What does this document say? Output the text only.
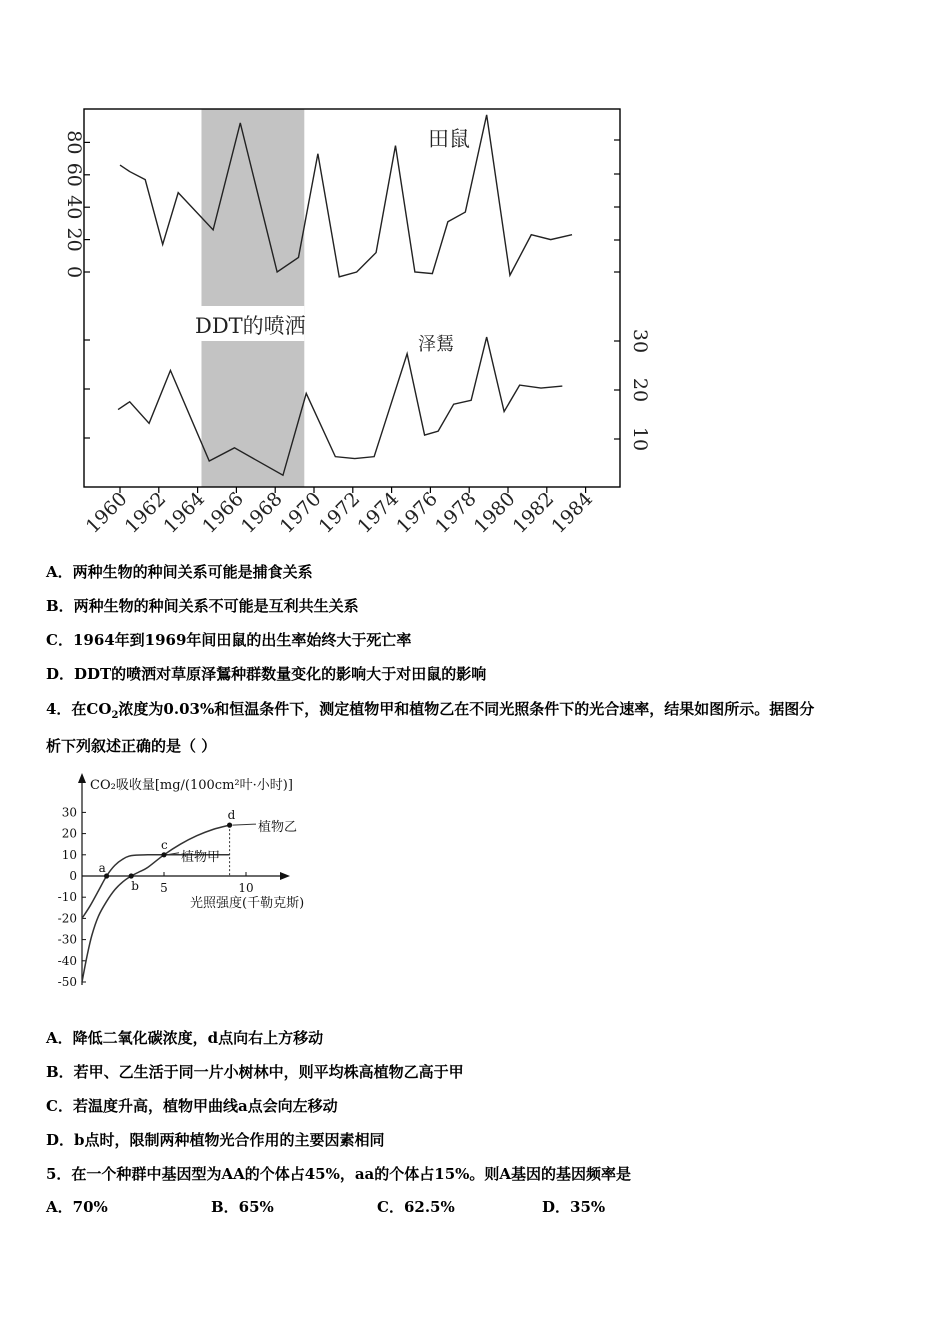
1960
1962
1964
1966
1968
1970
1972
1974
1976
1978
1980
1982
1984
80
60
40
20
0
30
20
10
DDT的喷洒
田鼠
泽鵟
A．两种生物的种间关系可能是捕食关系
B．两种生物的种间关系不可能是互利共生关系
C．1964年到1969年间田鼠的出生率始终大于死亡率
D．DDT的喷洒对草原泽鵟种群数量变化的影响大于对田鼠的影响
4．在$CO_2$浓度为0.03%和恒温条件下，测定植物甲和植物乙在不同光照条件下的光合速率，结果如图所示。据图分
析下列叙述正确的是（ ）
CO₂吸收量[mg/(100cm²叶·小时)]
光照强度(千勒克斯)
30
20
10
0
-10
-20
-30
-40
-50
5	10
a
b
c
d
植物乙
植物甲
A．降低二氧化碳浓度，d点向右上方移动
B．若甲、乙生活于同一片小树林中，则平均株高植物乙高于甲
C．若温度升高，植物甲曲线a点会向左移动
D．b点时，限制两种植物光合作用的主要因素相同
5．在一个种群中基因型为AA的个体占45%，aa的个体占15%。则A基因的基因频率是
A．70%	B．65%	C．62.5%	D．35%
